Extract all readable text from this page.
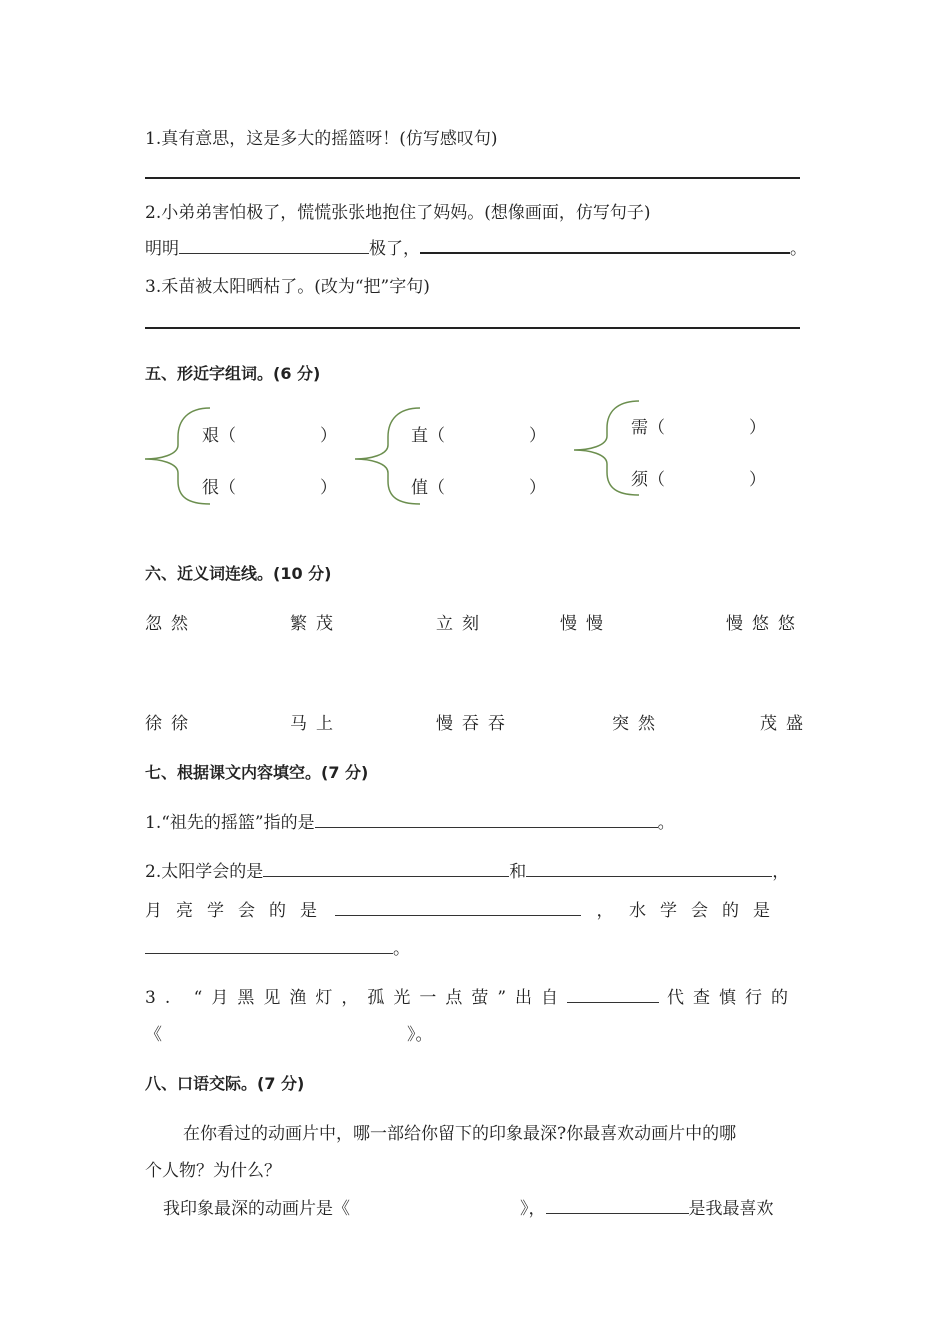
1.真有意思，这是多大的摇篮呀！(仿写感叹句)
2.小弟弟害怕极了，慌慌张张地抱住了妈妈。(想像画面，仿写句子)
明明	极了，	。
3.禾苗被太阳晒枯了。(改为“把”字句)
五、形近字组词。(6 分)
艰（	）
很（	）
直（	）
值（	）
需（	）
须（	）
六、近义词连线。(10 分)
忽然	繁茂	立刻	慢慢	慢悠悠
徐徐	马上	慢吞吞	突然	茂盛
七、根据课文内容填空。(7 分)
1.“祖先的摇篮”指的是	。
2.太阳学会的是	和	，
月亮学会的是	， 水学会的是
。
3. “月黑见渔灯，孤光一点萤”出自	代查慎行的
《	》。
八、口语交际。(7 分)
在你看过的动画片中，哪一部给你留下的印象最深?你最喜欢动画片中的哪
个人物？为什么？
我印象最深的动画片是《	》，	是我最喜欢
